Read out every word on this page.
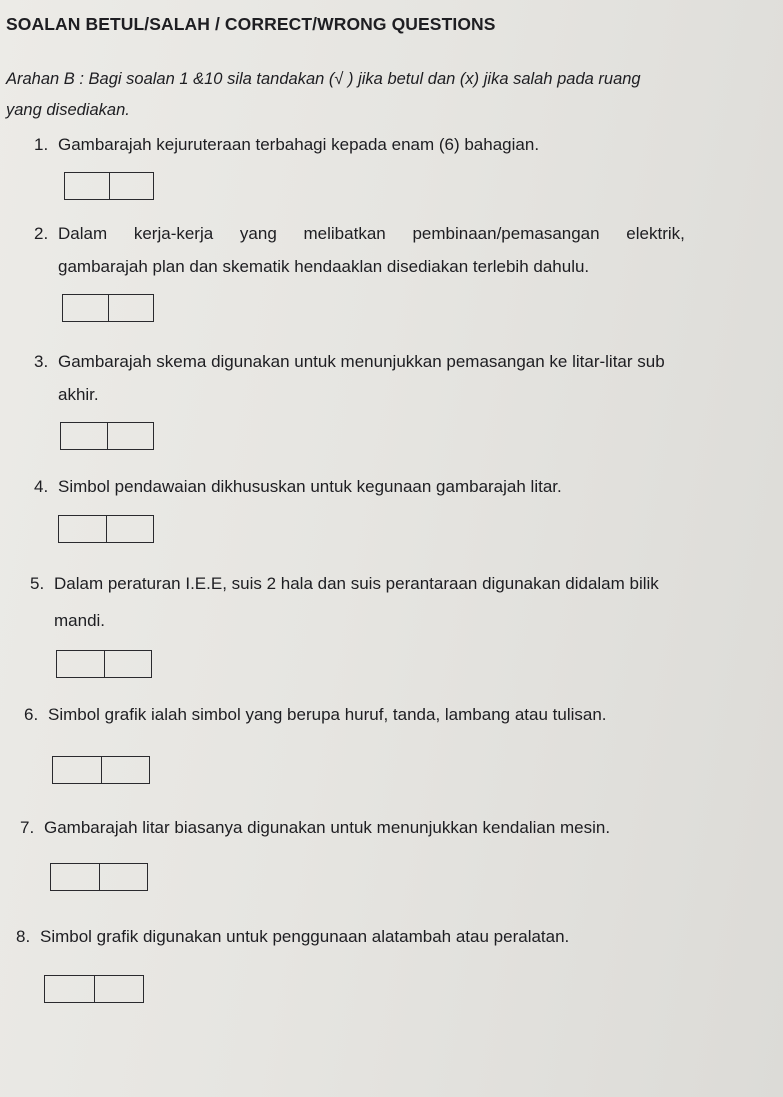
SOALAN BETUL/SALAH / CORRECT/WRONG QUESTIONS
Arahan B : Bagi soalan 1 &10 sila tandakan (√ ) jika betul dan (x) jika salah pada ruang
yang disediakan.
1. Gambarajah kejuruteraan terbahagi kepada enam (6) bahagian.
2. Dalam kerja-kerja yang melibatkan pembinaan/pemasangan elektrik,
gambarajah plan dan skematik hendaaklan disediakan terlebih dahulu.
3. Gambarajah skema digunakan untuk menunjukkan pemasangan ke litar-litar sub
akhir.
4. Simbol pendawaian dikhususkan untuk kegunaan gambarajah litar.
5. Dalam peraturan I.E.E, suis 2 hala dan suis perantaraan digunakan didalam bilik
mandi.
6. Simbol grafik ialah simbol yang berupa huruf, tanda, lambang atau tulisan.
7. Gambarajah litar biasanya digunakan untuk menunjukkan kendalian mesin.
8. Simbol grafik digunakan untuk penggunaan alatambah atau peralatan.
